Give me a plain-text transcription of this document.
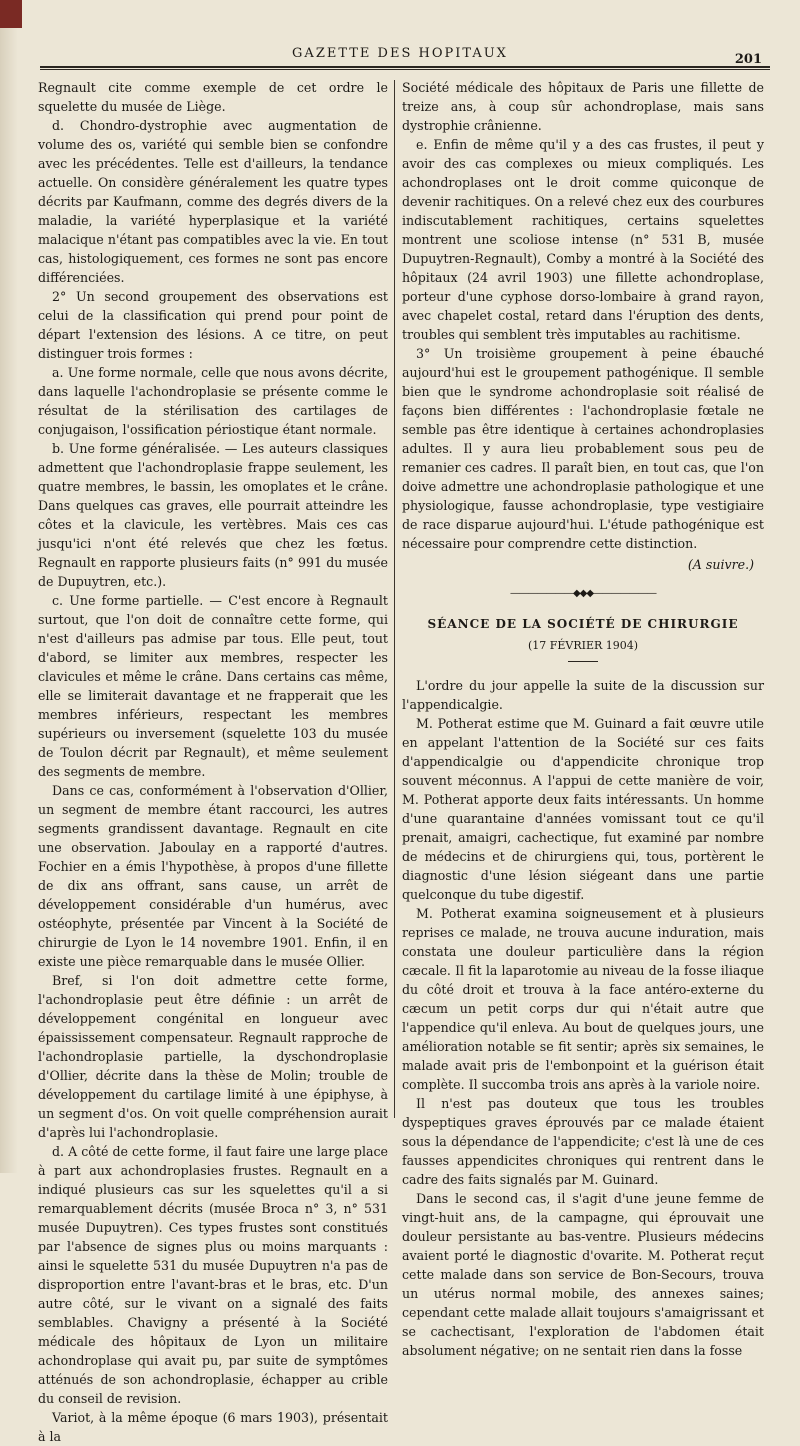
GAZETTE DES HOPITAUX	201

Regnault cite comme exemple de cet ordre le squelette du musée de Liège.

d. Chondro-dystrophie avec augmentation de volume des os, variété qui semble bien se confondre avec les précédentes. Telle est d'ailleurs, la tendance actuelle. On considère généralement les quatre types décrits par Kaufmann, comme des degrés divers de la maladie, la variété hyperplasique et la variété malacique n'étant pas compatibles avec la vie. En tout cas, histologiquement, ces formes ne sont pas encore différenciées.

2° Un second groupement des observations est celui de la classification qui prend pour point de départ l'extension des lésions. A ce titre, on peut distinguer trois formes :

a. Une forme normale, celle que nous avons décrite, dans laquelle l'achondroplasie se présente comme le résultat de la stérilisation des cartilages de conjugaison, l'ossification périostique étant normale.

b. Une forme généralisée. — Les auteurs classiques admettent que l'achondroplasie frappe seulement, les quatre membres, le bassin, les omoplates et le crâne. Dans quelques cas graves, elle pourrait atteindre les côtes et la clavicule, les vertèbres. Mais ces cas jusqu'ici n'ont été relevés que chez les fœtus. Regnault en rapporte plusieurs faits (n° 991 du musée de Dupuytren, etc.).

c. Une forme partielle. — C'est encore à Regnault surtout, que l'on doit de connaître cette forme, qui n'est d'ailleurs pas admise par tous. Elle peut, tout d'abord, se limiter aux membres, respecter les clavicules et même le crâne. Dans certains cas même, elle se limiterait davantage et ne frapperait que les membres inférieurs, respectant les membres supérieurs ou inversement (squelette 103 du musée de Toulon décrit par Regnault), et même seulement des segments de membre.

Dans ce cas, conformément à l'observation d'Ollier, un segment de membre étant raccourci, les autres segments grandissent davantage. Regnault en cite une observation. Jaboulay en a rapporté d'autres. Fochier en a émis l'hypothèse, à propos d'une fillette de dix ans offrant, sans cause, un arrêt de développement considérable d'un humérus, avec ostéophyte, présentée par Vincent à la Société de chirurgie de Lyon le 14 novembre 1901. Enfin, il en existe une pièce remarquable dans le musée Ollier.

Bref, si l'on doit admettre cette forme, l'achondroplasie peut être définie : un arrêt de développement congénital en longueur avec épaississement compensateur. Regnault rapproche de l'achondroplasie partielle, la dyschondroplasie d'Ollier, décrite dans la thèse de Molin; trouble de développement du cartilage limité à une épiphyse, à un segment d'os. On voit quelle compréhension aurait d'après lui l'achondroplasie.

d. A côté de cette forme, il faut faire une large place à part aux achondroplasies frustes. Regnault en a indiqué plusieurs cas sur les squelettes qu'il a si remarquablement décrits (musée Broca n° 3, n° 531 musée Dupuytren). Ces types frustes sont constitués par l'absence de signes plus ou moins marquants : ainsi le squelette 531 du musée Dupuytren n'a pas de disproportion entre l'avant-bras et le bras, etc. D'un autre côté, sur le vivant on a signalé des faits semblables. Chavigny a présenté à la Société médicale des hôpitaux de Lyon un militaire achondroplase qui avait pu, par suite de symptômes atténués de son achondroplasie, échapper au crible du conseil de revision.

Variot, à la même époque (6 mars 1903), présentait à la

Société médicale des hôpitaux de Paris une fillette de treize ans, à coup sûr achondroplase, mais sans dystrophie crânienne.

e. Enfin de même qu'il y a des cas frustes, il peut y avoir des cas complexes ou mieux compliqués. Les achondroplases ont le droit comme quiconque de devenir rachitiques. On a relevé chez eux des courbures indiscutablement rachitiques, certains squelettes montrent une scoliose intense (n° 531 B, musée Dupuytren-Regnault), Comby a montré à la Société des hôpitaux (24 avril 1903) une fillette achondroplase, porteur d'une cyphose dorso-lombaire à grand rayon, avec chapelet costal, retard dans l'éruption des dents, troubles qui semblent très imputables au rachitisme.

3° Un troisième groupement à peine ébauché aujourd'hui est le groupement pathogénique. Il semble bien que le syndrome achondroplasie soit réalisé de façons bien différentes : l'achondroplasie fœtale ne semble pas être identique à certaines achondroplasies adultes. Il y aura lieu probablement sous peu de remanier ces cadres. Il paraît bien, en tout cas, que l'on doive admettre une achondroplasie pathologique et une physiologique, fausse achondroplasie, type vestigiaire de race disparue aujourd'hui. L'étude pathogénique est nécessaire pour comprendre cette distinction.

(A suivre.)
———————◆◆◆———————
SÉANCE DE LA SOCIÉTÉ DE CHIRURGIE
(17 FÉVRIER 1904)

L'ordre du jour appelle la suite de la discussion sur l'appendicalgie.

M. Potherat estime que M. Guinard a fait œuvre utile en appelant l'attention de la Société sur ces faits d'appendicalgie ou d'appendicite chronique trop souvent méconnus. A l'appui de cette manière de voir, M. Potherat apporte deux faits intéressants. Un homme d'une quarantaine d'années vomissant tout ce qu'il prenait, amaigri, cachectique, fut examiné par nombre de médecins et de chirurgiens qui, tous, portèrent le diagnostic d'une lésion siégeant dans une partie quelconque du tube digestif.

M. Potherat examina soigneusement et à plusieurs reprises ce malade, ne trouva aucune induration, mais constata une douleur particulière dans la région cæcale. Il fit la laparotomie au niveau de la fosse iliaque du côté droit et trouva à la face antéro-externe du cæcum un petit corps dur qui n'était autre que l'appendice qu'il enleva. Au bout de quelques jours, une amélioration notable se fit sentir; après six semaines, le malade avait pris de l'embonpoint et la guérison était complète. Il succomba trois ans après à la variole noire.

Il n'est pas douteux que tous les troubles dyspeptiques graves éprouvés par ce malade étaient sous la dépendance de l'appendicite; c'est là une de ces fausses appendicites chroniques qui rentrent dans le cadre des faits signalés par M. Guinard.

Dans le second cas, il s'agit d'une jeune femme de vingt-huit ans, de la campagne, qui éprouvait une douleur persistante au bas-ventre. Plusieurs médecins avaient porté le diagnostic d'ovarite. M. Potherat reçut cette malade dans son service de Bon-Secours, trouva un utérus normal mobile, des annexes saines; cependant cette malade allait toujours s'amaigrissant et se cachectisant, l'exploration de l'abdomen était absolument négative; on ne sentait rien dans la fosse
